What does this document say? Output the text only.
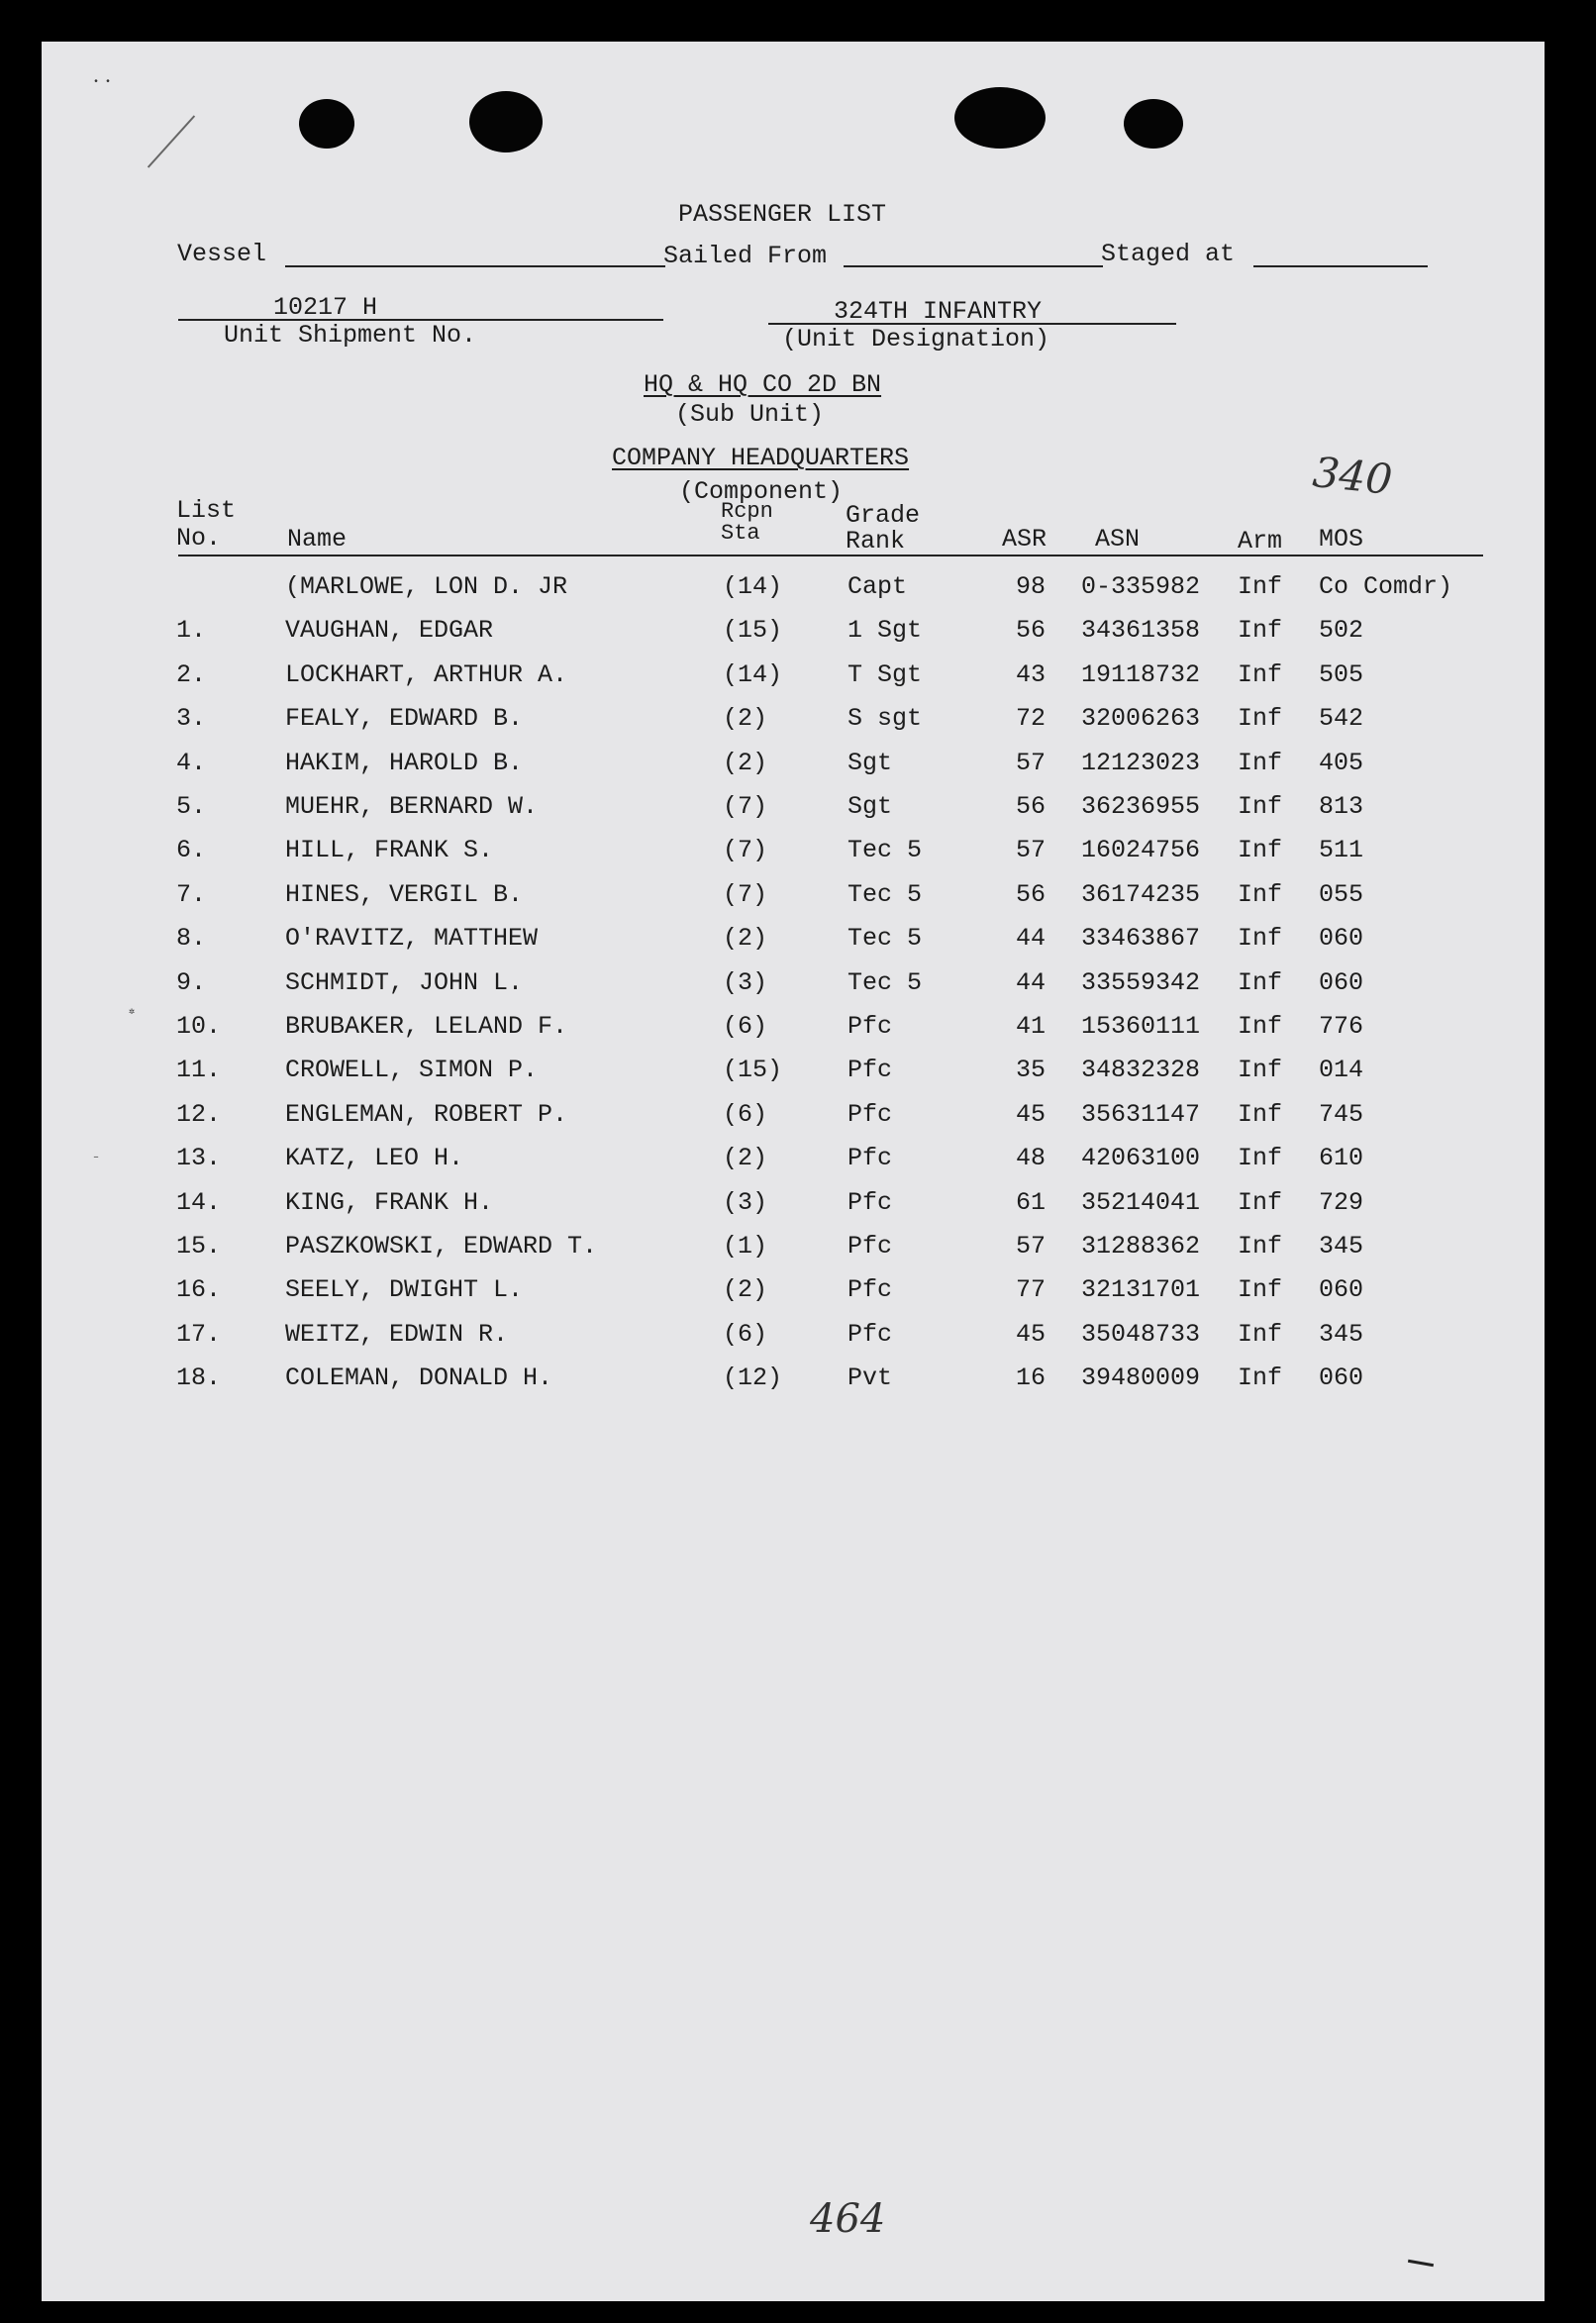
• •
PASSENGER LIST
Vessel	Sailed From	Staged at
10217 H
Unit Shipment No.
324TH INFANTRY
(Unit Designation)
HQ & HQ CO 2D BN
(Sub Unit)
COMPANY HEADQUARTERS
(Component)	340
List
No.	Name
Rcpn
Sta
Grade
Rank	ASR ASN	Arm MOS
(MARLOWE, LON D. JR	(14)	Capt	98 0-335982 Inf Co Comdr)
1.	VAUGHAN, EDGAR	(15)	1 Sgt	56 34361358 Inf 502
2.	LOCKHART, ARTHUR A.	(14)	T Sgt	43 19118732 Inf 505
3.	FEALY, EDWARD B.	(2)	S sgt	72 32006263 Inf 542
4.	HAKIM, HAROLD B.	(2)	Sgt	57 12123023 Inf 405
5.	MUEHR, BERNARD W.	(7)	Sgt	56 36236955 Inf 813
6.	HILL, FRANK S.	(7)	Tec 5	57 16024756 Inf 511
7.	HINES, VERGIL B.	(7)	Tec 5	56 36174235 Inf 055
8.	O'RAVITZ, MATTHEW	(2)	Tec 5	44 33463867 Inf 060
9.	SCHMIDT, JOHN L.	(3)	Tec 5	44 33559342 Inf 060
10.	BRUBAKER, LELAND F.	(6)	Pfc	41 15360111 Inf 776
11.	CROWELL, SIMON P.	(15)	Pfc	35 34832328 Inf 014
12.	ENGLEMAN, ROBERT P.	(6)	Pfc	45 35631147 Inf 745
13.	KATZ, LEO H.	(2)	Pfc	48 42063100 Inf 610
14.	KING, FRANK H.	(3)	Pfc	61 35214041 Inf 729
15.	PASZKOWSKI, EDWARD T.	(1)	Pfc	57 31288362 Inf 345
16.	SEELY, DWIGHT L.	(2)	Pfc	77 32131701 Inf 060
17.	WEITZ, EDWIN R.	(6)	Pfc	45 35048733 Inf 345
18.	COLEMAN, DONALD H.	(12)	Pvt	16 39480009 Inf 060
✲
–
464
